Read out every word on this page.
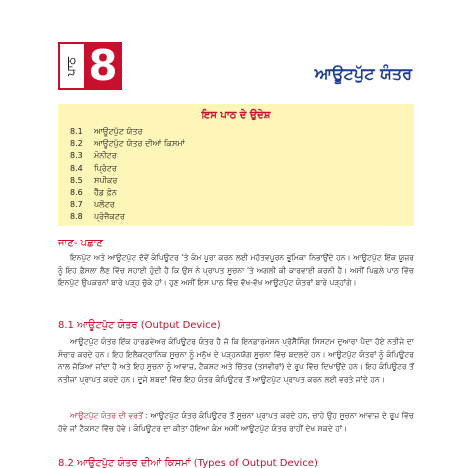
ਪਾਠ 8	ਆਊਟਪੁੱਟ ਯੰਤਰ
ਇਸ ਪਾਠ ਦੇ ਉਦੇਸ਼
8.1	ਆਊਟਪੁੱਟ ਯੰਤਰ
8.2	ਆਊਟਪੁੱਟ ਯੰਤਰ ਦੀਆਂ ਕਿਸਮਾਂ
8.3	ਮੋਨੀਟਰ
8.4	ਪ੍ਰਿੰਟਰ
8.5	ਸਪੀਕਰ
8.6	ਹੈੱਡ ਫ਼ੋਨ
8.7	ਪਲੌਟਰ
8.8	ਪ੍ਰੋਜੈਕਟਰ
ਜਾਣ- ਪਛਾਣ

ਇਨਪੁੱਟ ਅਤੇ ਆਊਟਪੁੱਟ ਦੋਵੇਂ ਕੰਪਿਊਟਰ 'ਤੇ ਕੰਮ ਪੂਰਾ ਕਰਨ ਲਈ ਮਹੱਤਵਪੂਰਨ ਭੂਮਿਕਾ ਨਿਭਾਉਂਦੇ ਹਨ। ਆਊਟਪੁੱਟ ਇੱਕ ਯੂਜ਼ਰ ਨੂੰ ਇਹ ਫ਼ੈਸਲਾ ਲੈਣ ਵਿੱਚ ਸਹਾਈ ਹੁੰਦੀ ਹੈ ਕਿ ਉਸ ਨੇ ਪ੍ਰਾਪਤ ਸੂਚਨਾ 'ਤੇ ਅਗਲੀ ਕੀ ਕਾਰਵਾਈ ਕਰਨੀ ਹੈ। ਅਸੀਂ ਪਿਛਲੇ ਪਾਠ ਵਿੱਚ ਇਨਪੁੱਟ ਉਪਕਰਨਾਂ ਬਾਰੇ ਪੜ੍ਹ ਚੁੱਕੇ ਹਾਂ। ਹੁਣ ਅਸੀਂ ਇਸ ਪਾਠ ਵਿੱਚ ਵੱਖ-ਵੱਖ ਆਊਟਪੁੱਟ ਯੰਤਰਾਂ ਬਾਰੇ ਪੜ੍ਹਾਂਗੇ।

8.1 ਆਊਟਪੁੱਟ ਯੰਤਰ (Output Device)

ਆਊਟਪੁੱਟ ਯੰਤਰ ਇੱਕ ਹਾਰਡਵੇਅਰ ਕੰਪਿਊਟਰ ਯੰਤਰ ਹੈ ਜੋ ਕਿ ਇਨਫ਼ਾਰਮੇਸ਼ਨ ਪ੍ਰੋਸੈੱਸਿੰਗ ਸਿਸਟਮ ਦੁਆਰਾ ਪੈਦਾ ਹੋਏ ਨਤੀਜੇ ਦਾ ਸੰਚਾਰ ਕਰਦੇ ਹਨ। ਇਹ ਇਲੈਕਟ੍ਰਾਨਿਕ ਸੂਚਨਾ ਨੂੰ ਮਨੁੱਖ ਦੇ ਪੜ੍ਹਨਯੋਗ ਸੂਚਨਾ ਵਿੱਚ ਬਦਲਦੇ ਹਨ। ਆਊਟਪੁੱਟ ਯੰਤਰਾਂ ਨੂੰ ਕੰਪਿਊਟਰ ਨਾਲ ਜੋੜਿਆ ਜਾਂਦਾ ਹੈ ਅਤੇ ਇਹ ਸੂਚਨਾ ਨੂੰ ਆਵਾਜ਼, ਟੈਕਸਟ ਅਤੇ ਚਿੱਤਰ (ਤਸਵੀਰਾਂ) ਦੇ ਰੂਪ ਵਿੱਚ ਦਿਖਾਉਂਦੇ ਹਨ। ਇਹ ਕੰਪਿਊਟਰ ਤੋਂ ਨਤੀਜਾ ਪ੍ਰਾਪਤ ਕਰਦੇ ਹਨ। ਦੂਜੇ ਸ਼ਬਦਾਂ ਵਿੱਚ ਇਹ ਯੰਤਰ ਕੰਪਿਊਟਰ ਤੋਂ ਆਊਟਪੁੱਟ ਪ੍ਰਾਪਤ ਕਰਨ ਲਈ ਵਰਤੇ ਜਾਂਦੇ ਹਨ।

ਆਊਟਪੁੱਟ ਯੰਤਰ ਦੀ ਵਰਤੋਂ : ਆਊਟਪੁੱਟ ਯੰਤਰ ਕੰਪਿਊਟਰ ਤੋਂ ਸੂਚਨਾ ਪ੍ਰਾਪਤ ਕਰਦੇ ਹਨ, ਚਾਹੇ ਉਹ ਸੂਚਨਾ ਆਵਾਜ਼ ਦੇ ਰੂਪ ਵਿੱਚ ਹੋਵੇ ਜਾਂ ਟੈਕਸਟ ਵਿੱਚ ਹੋਵੇ। ਕੰਪਿਊਟਰ ਦਾ ਕੀਤਾ ਹੋਇਆ ਕੰਮ ਅਸੀਂ ਆਊਟਪੁੱਟ ਯੰਤਰ ਰਾਹੀਂ ਦੇਖ ਸਕਦੇ ਹਾਂ।

8.2 ਆਊਟਪੁੱਟ ਯੰਤਰ ਦੀਆਂ ਕਿਸਮਾਂ (Types of Output Device)
